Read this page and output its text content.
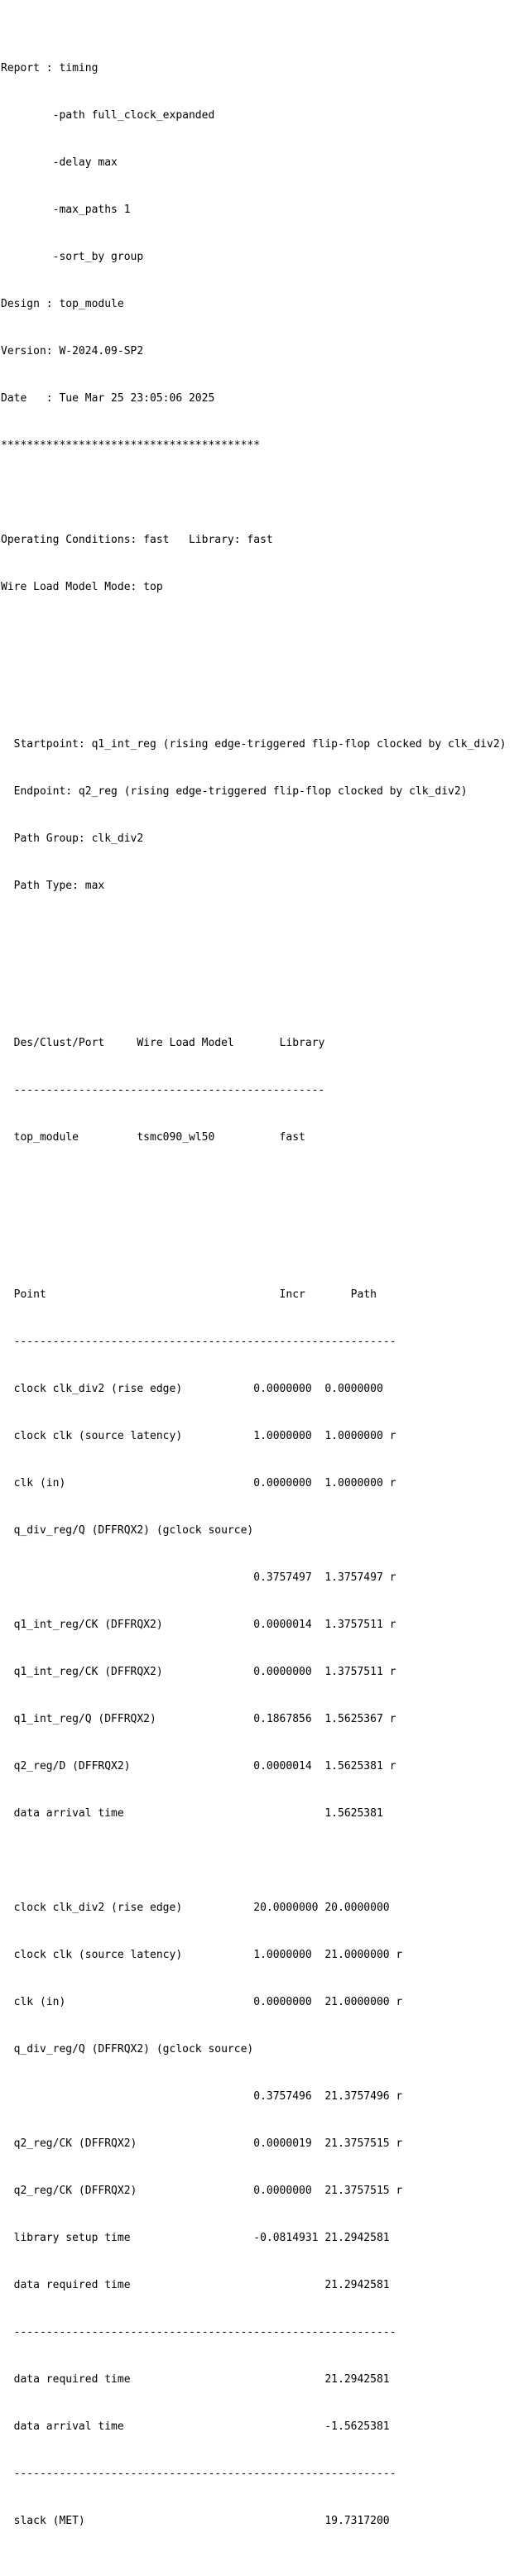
Report : timing

-path full_clock_expanded

-delay max

-max_paths 1

-sort_by group

Design : top_module

Version: W-2024.09-SP2

Date   : Tue Mar 25 23:05:06 2025

****************************************

Operating Conditions: fast   Library: fast

Wire Load Model Mode: top

Startpoint: q1_int_reg (rising edge-triggered flip-flop clocked by clk_div2)

Endpoint: q2_reg (rising edge-triggered flip-flop clocked by clk_div2)

Path Group: clk_div2

Path Type: max

Des/Clust/Port     Wire Load Model       Library

------------------------------------------------

top_module         tsmc090_wl50          fast

Point                                    Incr       Path

-----------------------------------------------------------

clock clk_div2 (rise edge)           0.0000000  0.0000000

clock clk (source latency)           1.0000000  1.0000000 r

clk (in)                             0.0000000  1.0000000 r

q_div_reg/Q (DFFRQX2) (gclock source)

0.3757497  1.3757497 r

q1_int_reg/CK (DFFRQX2)              0.0000014  1.3757511 r

q1_int_reg/CK (DFFRQX2)              0.0000000  1.3757511 r

q1_int_reg/Q (DFFRQX2)               0.1867856  1.5625367 r

q2_reg/D (DFFRQX2)                   0.0000014  1.5625381 r

data arrival time                               1.5625381

clock clk_div2 (rise edge)           20.0000000 20.0000000

clock clk (source latency)           1.0000000  21.0000000 r

clk (in)                             0.0000000  21.0000000 r

q_div_reg/Q (DFFRQX2) (gclock source)

0.3757496  21.3757496 r

q2_reg/CK (DFFRQX2)                  0.0000019  21.3757515 r

q2_reg/CK (DFFRQX2)                  0.0000000  21.3757515 r

library setup time                   -0.0814931 21.2942581

data required time                              21.2942581

-----------------------------------------------------------

data required time                              21.2942581

data arrival time                               -1.5625381

-----------------------------------------------------------

slack (MET)                                     19.7317200
